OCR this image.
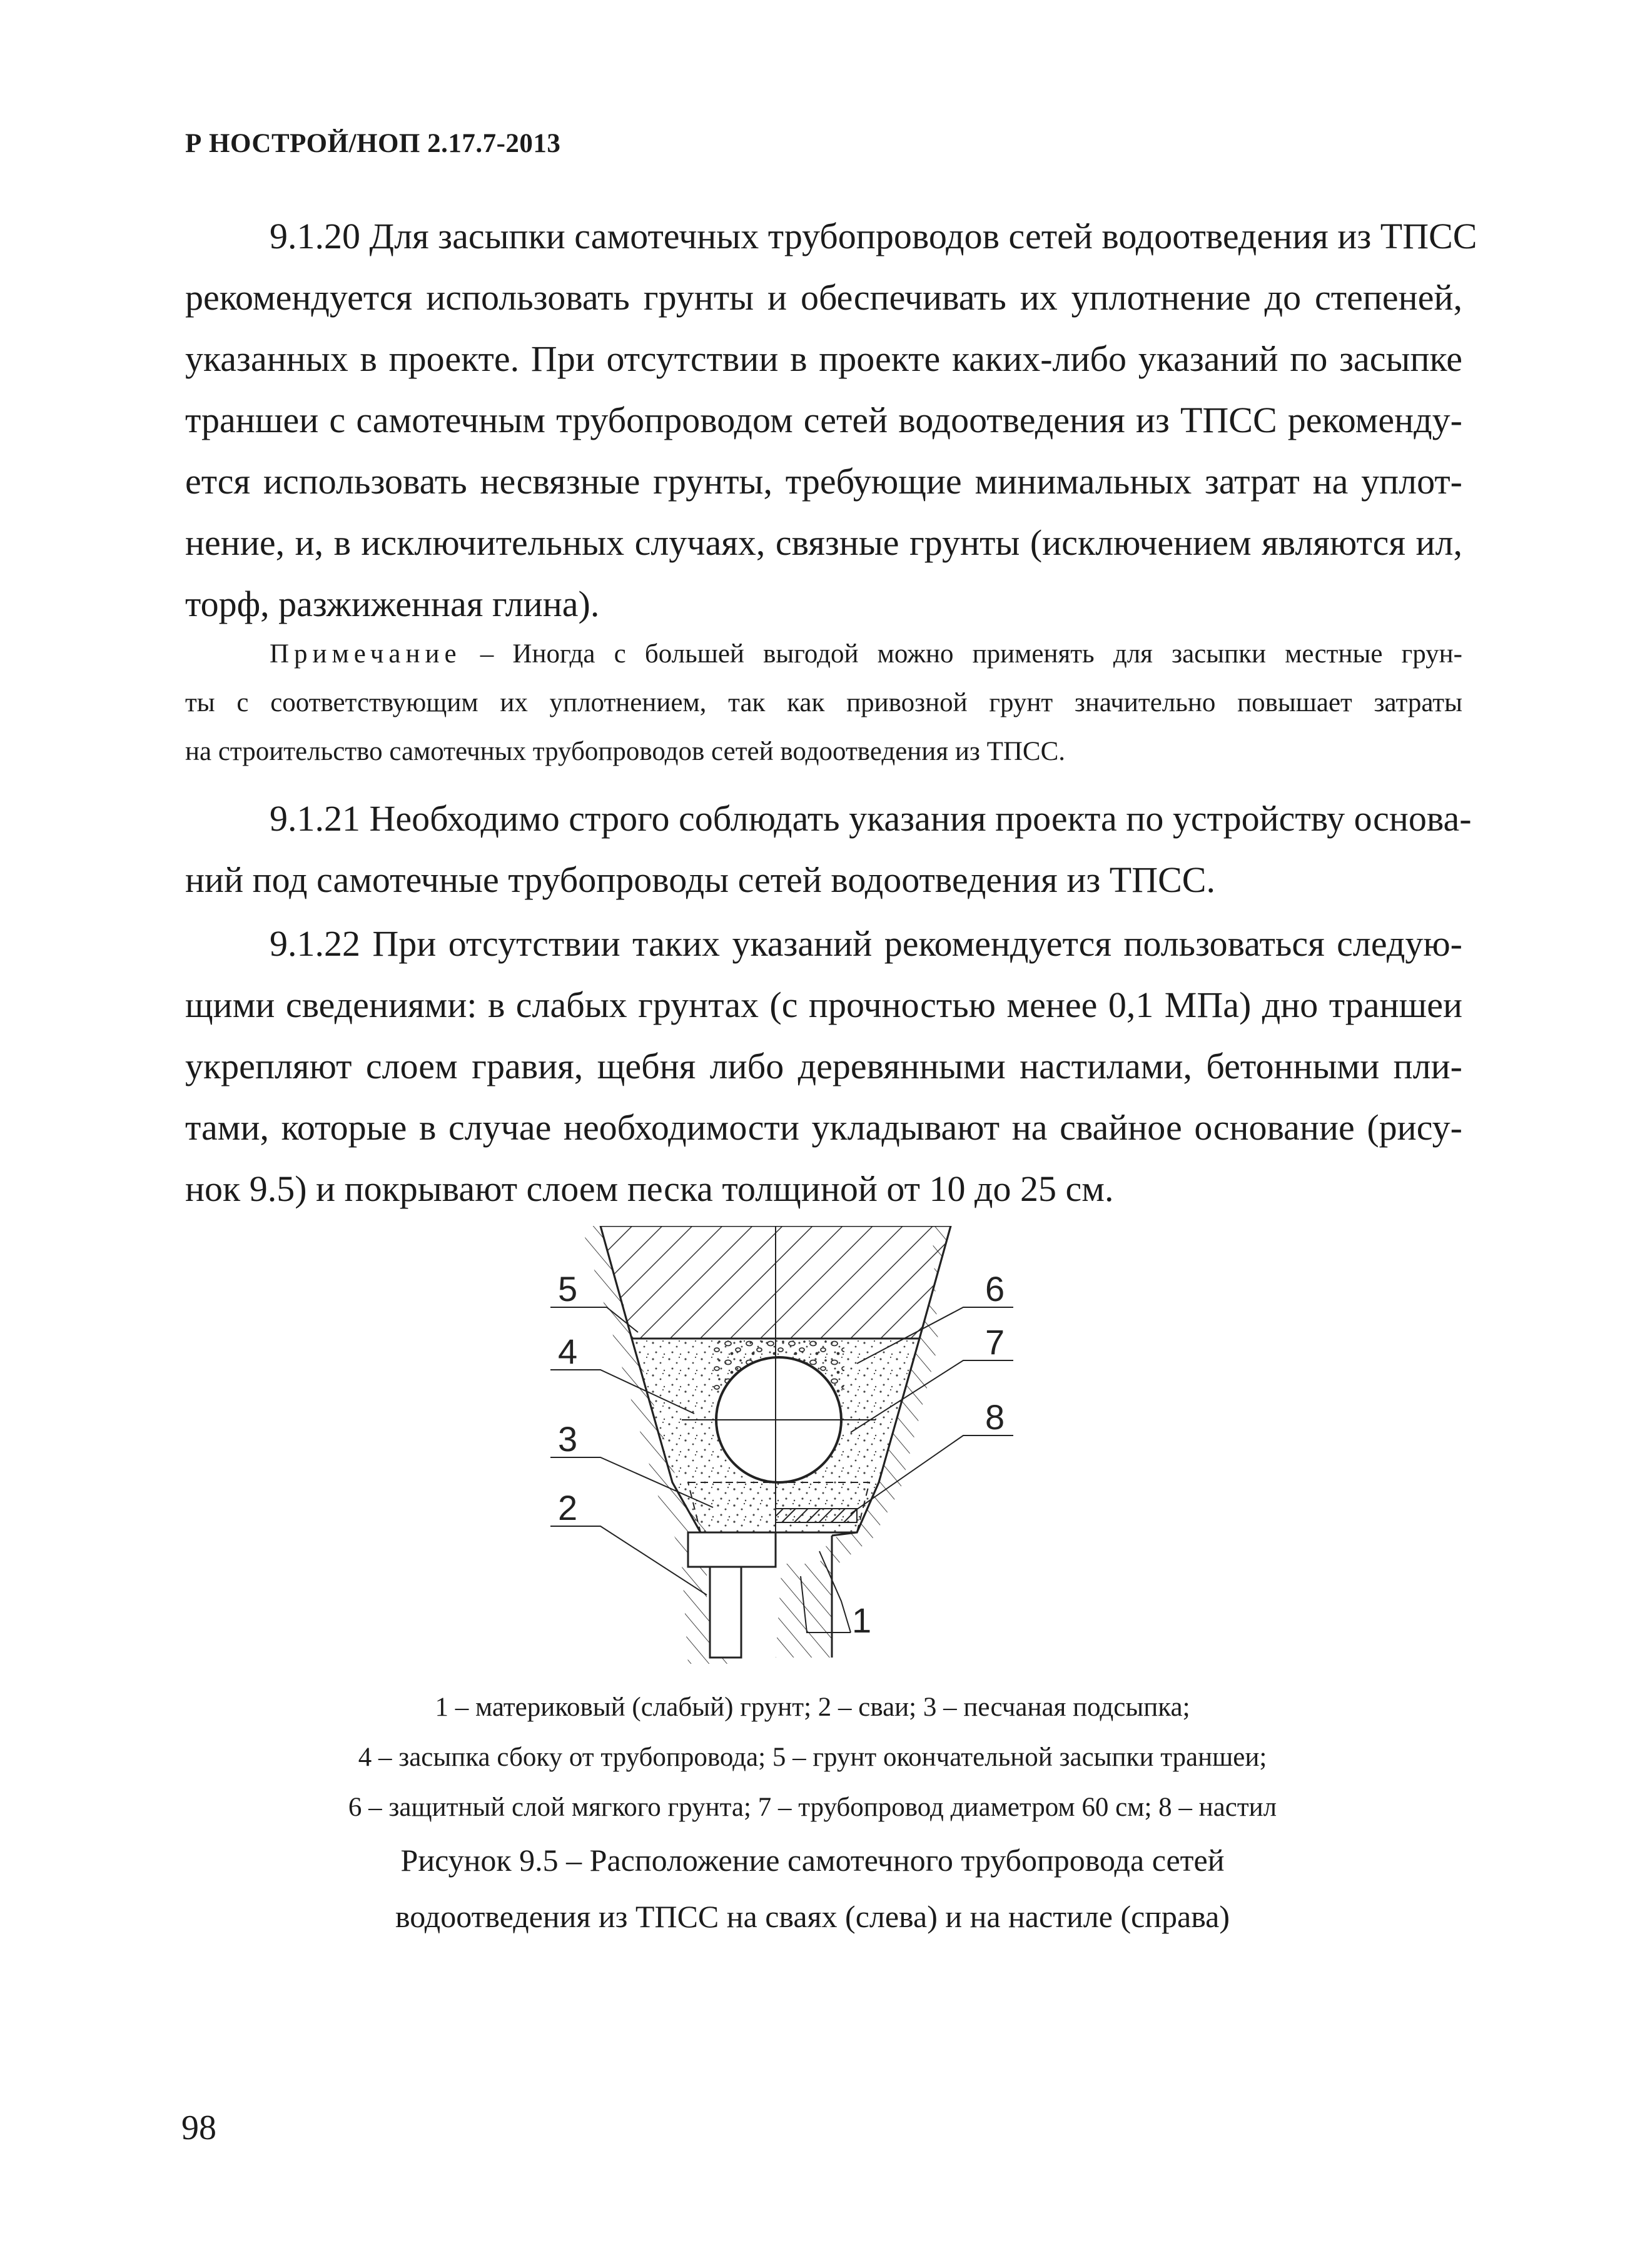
Р НОСТРОЙ/НОП 2.17.7-2013
9.1.20 Для засыпки самотечных трубопроводов сетей водоотведения из ТПСС
рекомендуется использовать грунты и обеспечивать их уплотнение до степеней,
указанных в проекте. При отсутствии в проекте каких-либо указаний по засыпке
траншеи с самотечным трубопроводом сетей водоотведения из ТПСС рекоменду-
ется использовать несвязные грунты, требующие минимальных затрат на уплот-
нение, и, в исключительных случаях, связные грунты (исключением являются ил,
торф, разжиженная глина).
Примечание – Иногда с большей выгодой можно применять для засыпки местные грун-
ты с соответствующим их уплотнением, так как привозной грунт значительно повышает затраты
на строительство самотечных трубопроводов сетей водоотведения из ТПСС.
9.1.21 Необходимо строго соблюдать указания проекта по устройству основа-
ний под самотечные трубопроводы сетей водоотведения из ТПСС.
9.1.22 При отсутствии таких указаний рекомендуется пользоваться следую-
щими сведениями: в слабых грунтах (с прочностью менее 0,1 МПа) дно траншеи
укрепляют слоем гравия, щебня либо деревянными настилами, бетонными пли-
тами, которые в случае необходимости укладывают на свайное основание (рису-
нок 9.5) и покрывают слоем песка толщиной от 10 до 25 см.
5
4
3
2
6
7
8
1
1 – материковый (слабый) грунт; 2 – сваи; 3 – песчаная подсыпка;
4 – засыпка сбоку от трубопровода; 5 – грунт окончательной засыпки траншеи;
6 – защитный слой мягкого грунта; 7 – трубопровод диаметром 60 см; 8 – настил
Рисунок 9.5 – Расположение самотечного трубопровода сетей
водоотведения из ТПСС на сваях (слева) и на настиле (справа)
98
